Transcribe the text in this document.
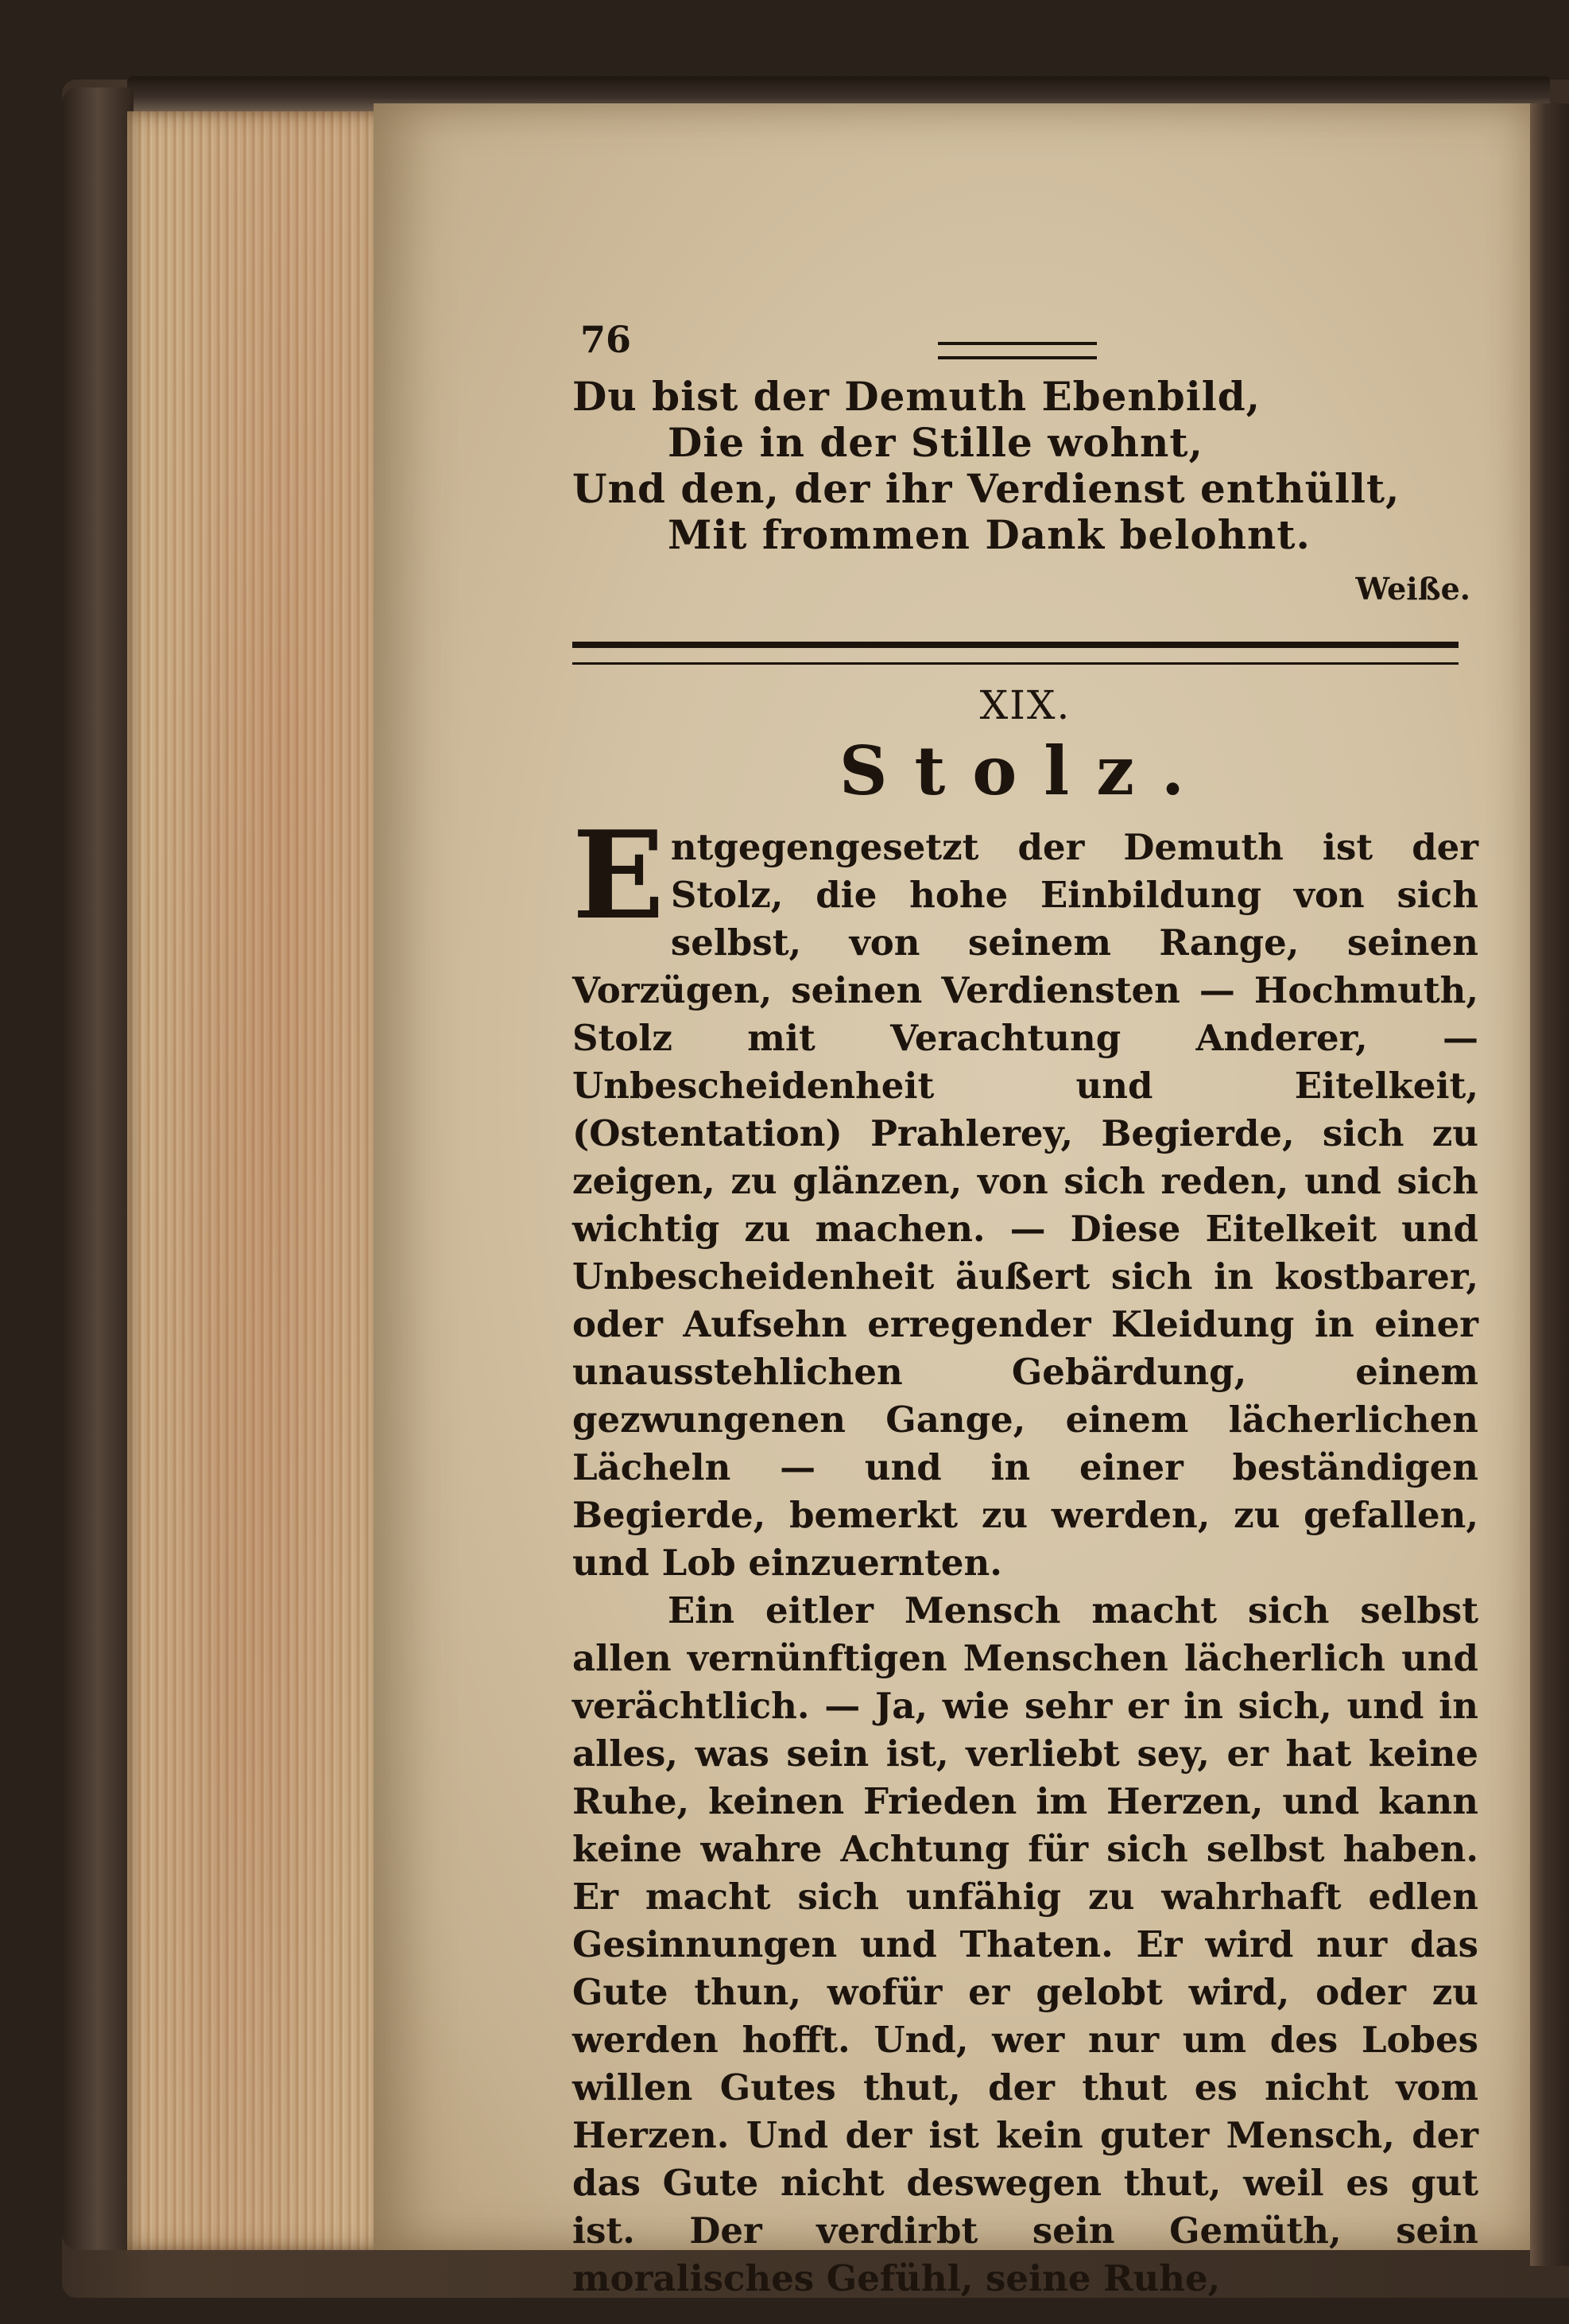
76
Du bist der Demuth Ebenbild,
Die in der Stille wohnt,
Und den, der ihr Verdienst enthüllt,
Mit frommen Dank belohnt.
Weiße.
XIX.
Stolz.

Entgegengesetzt der Demuth ist der Stolz, die hohe Einbildung von sich selbst, von seinem Range, seinen Vorzügen, seinen Verdiensten — Hochmuth, Stolz mit Verachtung Anderer, — Unbescheidenheit und Eitelkeit, (Ostentation) Prahlerey, Begierde, sich zu zeigen, zu glänzen, von sich reden, und sich wichtig zu machen. — Diese Eitelkeit und Unbescheidenheit äußert sich in kostbarer, oder Aufsehn erregender Kleidung in einer unausstehlichen Gebärdung, einem gezwungenen Gange, einem lächerlichen Lächeln — und in einer beständigen Begierde, bemerkt zu werden, zu gefallen, und Lob einzuernten.

Ein eitler Mensch macht sich selbst allen vernünftigen Menschen lächerlich und verächtlich. — Ja, wie sehr er in sich, und in alles, was sein ist, verliebt sey, er hat keine Ruhe, keinen Frieden im Herzen, und kann keine wahre Achtung für sich selbst haben. Er macht sich unfähig zu wahrhaft edlen Gesinnungen und Thaten. Er wird nur das Gute thun, wofür er gelobt wird, oder zu werden hofft. Und, wer nur um des Lobes willen Gutes thut, der thut es nicht vom Herzen. Und der ist kein guter Mensch, der das Gute nicht deswegen thut, weil es gut ist. Der verdirbt sein Gemüth, sein moralisches Gefühl, seine Ruhe,
